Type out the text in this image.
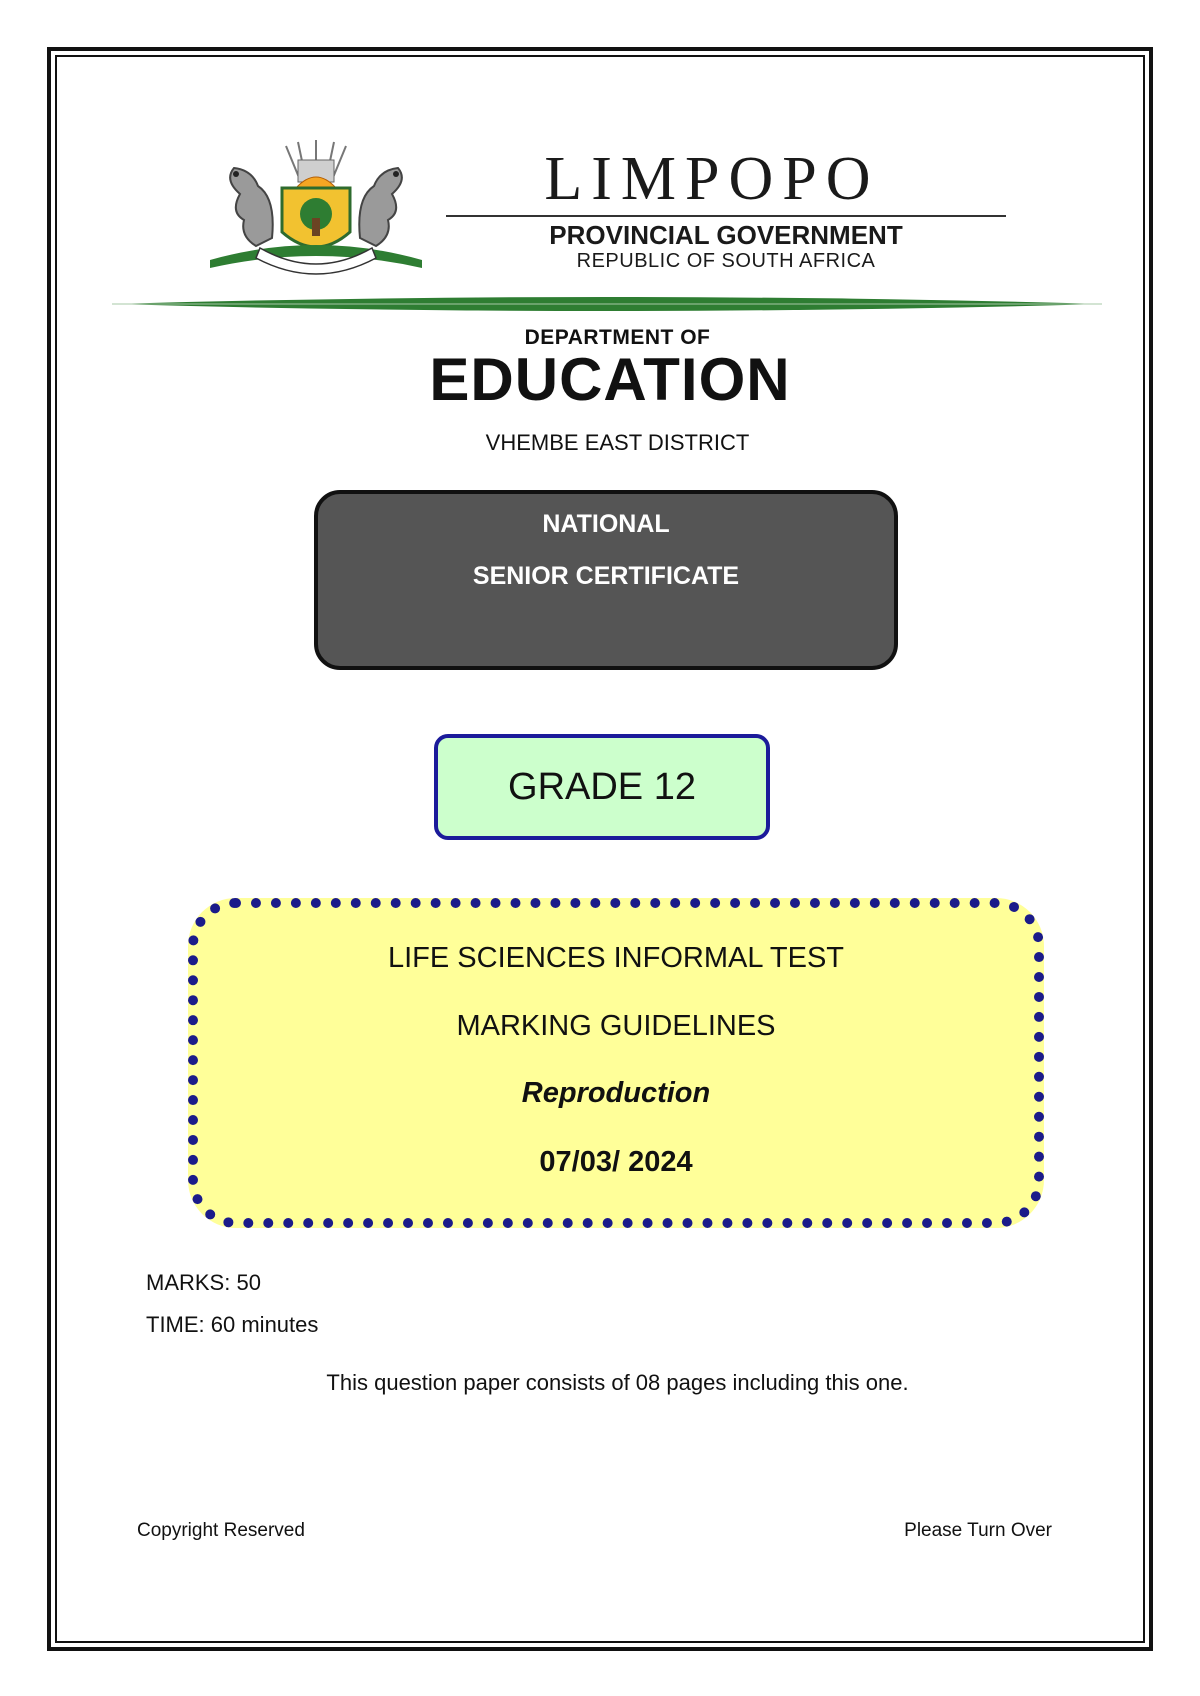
LIMPOPO
PROVINCIAL GOVERNMENT
REPUBLIC OF SOUTH AFRICA
DEPARTMENT OF
EDUCATION
VHEMBE EAST DISTRICT
NATIONAL
SENIOR CERTIFICATE
GRADE 12
LIFE SCIENCES INFORMAL TEST
MARKING GUIDELINES
Reproduction
07/03/ 2024
MARKS: 50
TIME: 60 minutes
This question paper consists of 08 pages including this one.
Copyright Reserved	Please Turn Over
